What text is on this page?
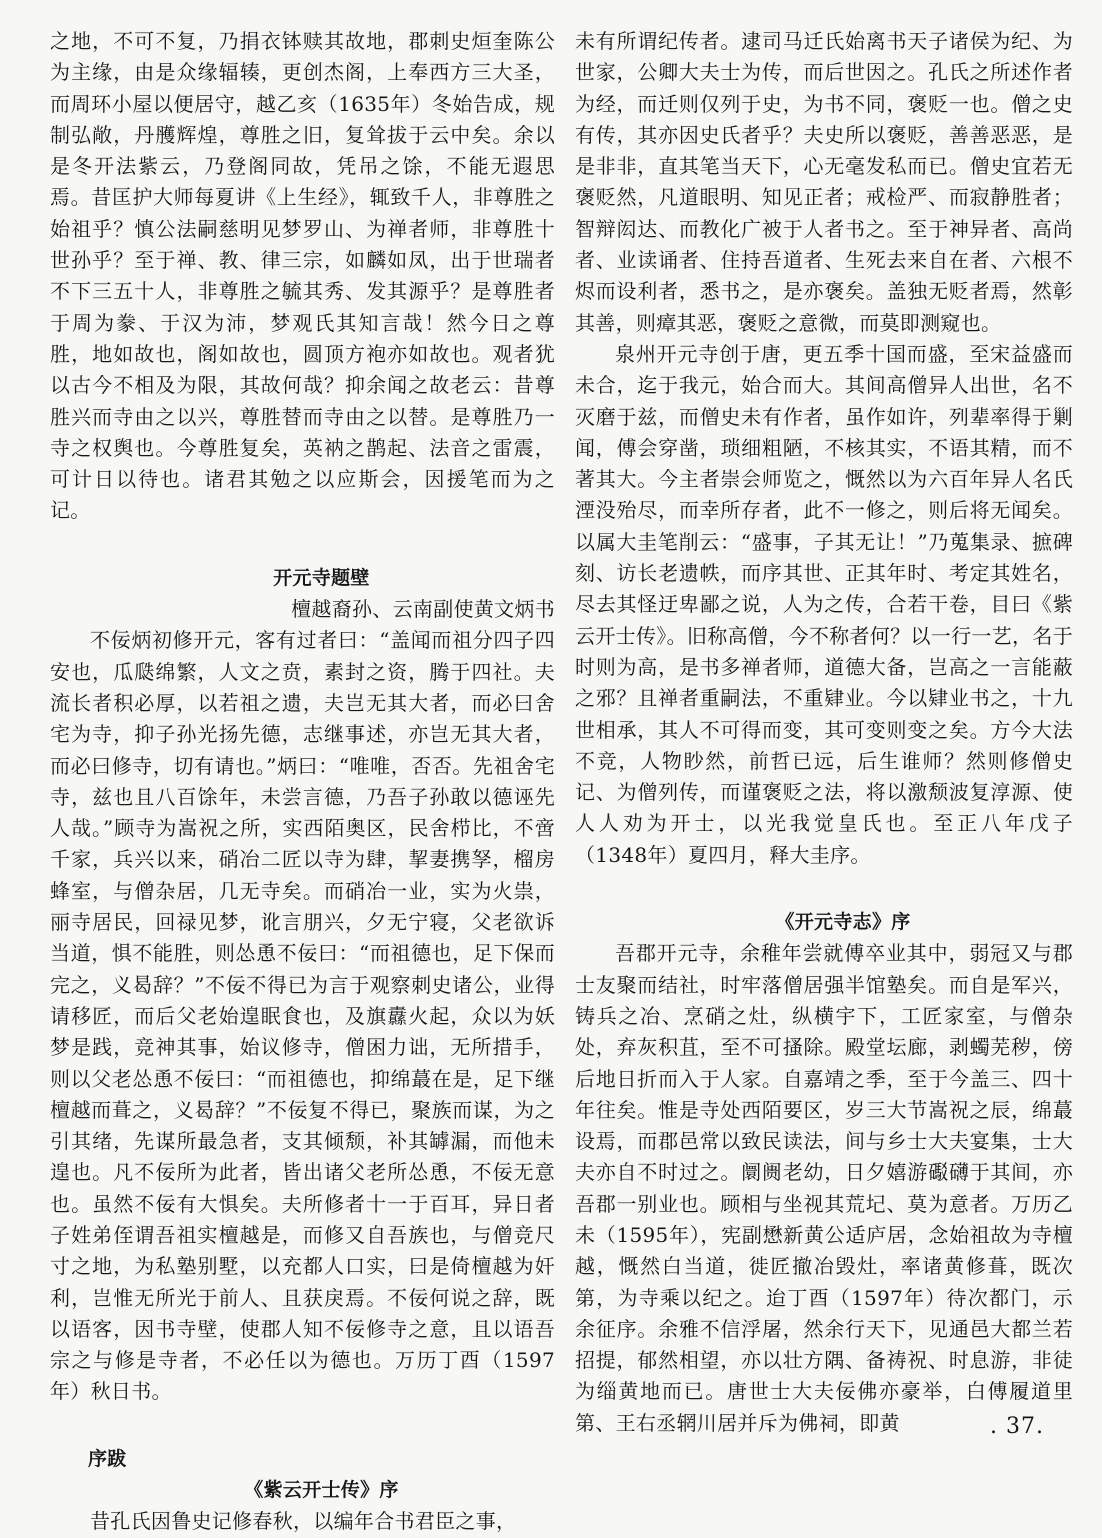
之地，不可不复，乃捐衣钵赎其故地，郡刺史烜奎陈公为主缘，由是众缘辐辏，更创杰阁，上奉西方三大圣，而周环小屋以便居守，越乙亥（1635年）冬始告成，规制弘敞，丹雘辉煌，尊胜之旧，复耸拔于云中矣。余以是冬开法紫云，乃登阁同故，凭吊之馀，不能无遐思焉。昔匡护大师每夏讲《上生经》，辄致千人，非尊胜之始祖乎？慎公法嗣慈明见梦罗山、为禅者师，非尊胜十世孙乎？至于禅、教、律三宗，如麟如凤，出于世瑞者不下三五十人，非尊胜之毓其秀、发其源乎？是尊胜者于周为豢、于汉为沛，梦观氏其知言哉！然今日之尊胜，地如故也，阁如故也，圆顶方袍亦如故也。观者犹以古今不相及为限，其故何哉？抑余闻之故老云：昔尊胜兴而寺由之以兴，尊胜替而寺由之以替。是尊胜乃一寺之权舆也。今尊胜复矣，英衲之鹊起、法音之雷震，可计日以待也。诸君其勉之以应斯会，因援笔而为之 记。

开元寺题壁

檀越裔孙、云南副使黄文炳书

不佞炳初修开元，客有过者曰：“盖闻而祖分四子四安也，瓜瓞绵繁，人文之贲，素封之资，腾于四社。夫流长者积必厚，以若祖之遗，夫岂无其大者，而必曰舍宅为寺，抑子孙光扬先德，志继事述，亦岂无其大者，而必曰修寺，切有请也。”炳曰：“唯唯，否否。先祖舍宅寺，兹也且八百馀年，未尝言德，乃吾子孙敢以德诬先人哉。”顾寺为嵩祝之所，实西陌奥区，民舍栉比，不啻千家，兵兴以来，硝冶二匠以寺为肆，挈妻携孥，榴房蜂室，与僧杂居，几无寺矣。而硝冶一业，实为火祟，丽寺居民，回禄见梦，讹言朋兴，夕无宁寝，父老欲诉当道，惧不能胜，则怂恿不佞曰：“而祖德也，足下保而完之，义曷辞？”不佞不得已为言于观察刺史诸公，业得请移匠，而后父老始遑眠食也，及旗纛火起，众以为妖梦是践，竞神其事，始议修寺，僧困力诎，无所措手，则以父老怂恿不佞曰：“而祖德也，抑绵蕞在是，足下继檀越而葺之，义曷辞？”不佞复不得已，聚族而谋，为之引其绪，先谋所最急者，支其倾颓，补其罅漏，而他未遑也。凡不佞所为此者，皆出诸父老所怂恿，不佞无意也。虽然不佞有大惧矣。夫所修者十一于百耳，异日者子姓弟侄谓吾祖实檀越是，而修又自吾族也，与僧竞尺寸之地，为私塾别墅，以充都人口实，曰是倚檀越为奸利，岂惟无所光于前人、且获戾焉。不佞何说之辞，既以语客，因书寺壁，使郡人知不佞修寺之意，且以语吾宗之与修是寺者，不必任以为德也。万历丁酉（1597年）秋日书。

序跋

《紫云开士传》序

昔孔氏因鲁史记修春秋，以编年合书君臣之事，

未有所谓纪传者。逮司马迁氏始离书天子诸侯为纪、为世家，公卿大夫士为传，而后世因之。孔氏之所述作者为经，而迁则仅列于史，为书不同，褒贬一也。僧之史有传，其亦因史氏者乎？夫史所以褒贬，善善恶恶，是是非非，直其笔当天下，心无毫发私而已。僧史宜若无褒贬然，凡道眼明、知见正者；戒检严、而寂静胜者；智辩闳达、而教化广被于人者书之。至于神异者、高尚者、业读诵者、住持吾道者、生死去来自在者、六根不烬而设利者，悉书之，是亦褒矣。盖独无贬者焉，然彰其善，则瘴其恶，褒贬之意微，而莫即测窥也。

泉州开元寺创于唐，更五季十国而盛，至宋益盛而未合，迄于我元，始合而大。其间高僧异人出世，名不灭磨于兹，而僧史未有作者，虽作如许，列辈率得于剿闻，傅会穿凿，琐细粗陋，不核其实，不语其精，而不著其大。今主者崇会师览之，慨然以为六百年异人名氏湮没殆尽，而幸所存者，此不一修之，则后将无闻矣。以属大圭笔削云：“盛事，子其无让！”乃蒐集录、摭碑刻、访长老遗帙，而序其世、正其年时、考定其姓名，尽去其怪迂卑鄙之说，人为之传，合若干卷，目曰《紫云开士传》。旧称高僧，今不称者何？以一行一艺，名于时则为高，是书多禅者师，道德大备，岂高之一言能蔽之邪？且禅者重嗣法，不重肄业。今以肄业书之，十九世相承，其人不可得而变，其可变则变之矣。方今大法不竞，人物眇然，前哲已远，后生谁师？然则修僧史记、为僧列传，而谨褒贬之法，将以激颓波复淳源、使人人劝为开士，以光我觉皇氏也。至正八年戊子（1348年）夏四月，释大圭序。

《开元寺志》序

吾郡开元寺，余稚年尝就傅卒业其中，弱冠又与郡士友聚而结社，时牢落僧居强半馆塾矣。而自是军兴，铸兵之冶、烹硝之灶，纵横宇下，工匠家室，与僧杂处，弃灰积苴，至不可搔除。殿堂坛廊，剥蠋芜秽，傍后地日折而入于人家。自嘉靖之季，至于今盖三、四十年往矣。惟是寺处西陌要区，岁三大节嵩祝之辰，绵蕞设焉，而郡邑常以致民读法，间与乡士大夫宴集，士大夫亦自不时过之。阛阓老幼，日夕嬉游礟礴于其间，亦吾郡一别业也。顾相与坐视其荒圮、莫为意者。万历乙未（1595年），宪副懋新黄公适庐居，念始祖故为寺檀越，慨然白当道，徙匠撤冶毁灶，率诸黄修葺，既次第，为寺乘以纪之。迨丁酉（1597年）待次都门，示余征序。余雅不信浮屠，然余行天下，见通邑大都兰若招提，郁然相望，亦以壮方隅、备祷祝、时息游，非徒为缁黄地而已。唐世士大夫佞佛亦豪举，白傅履道里第、王右丞辋川居并斥为佛祠，即黄	. 37.
